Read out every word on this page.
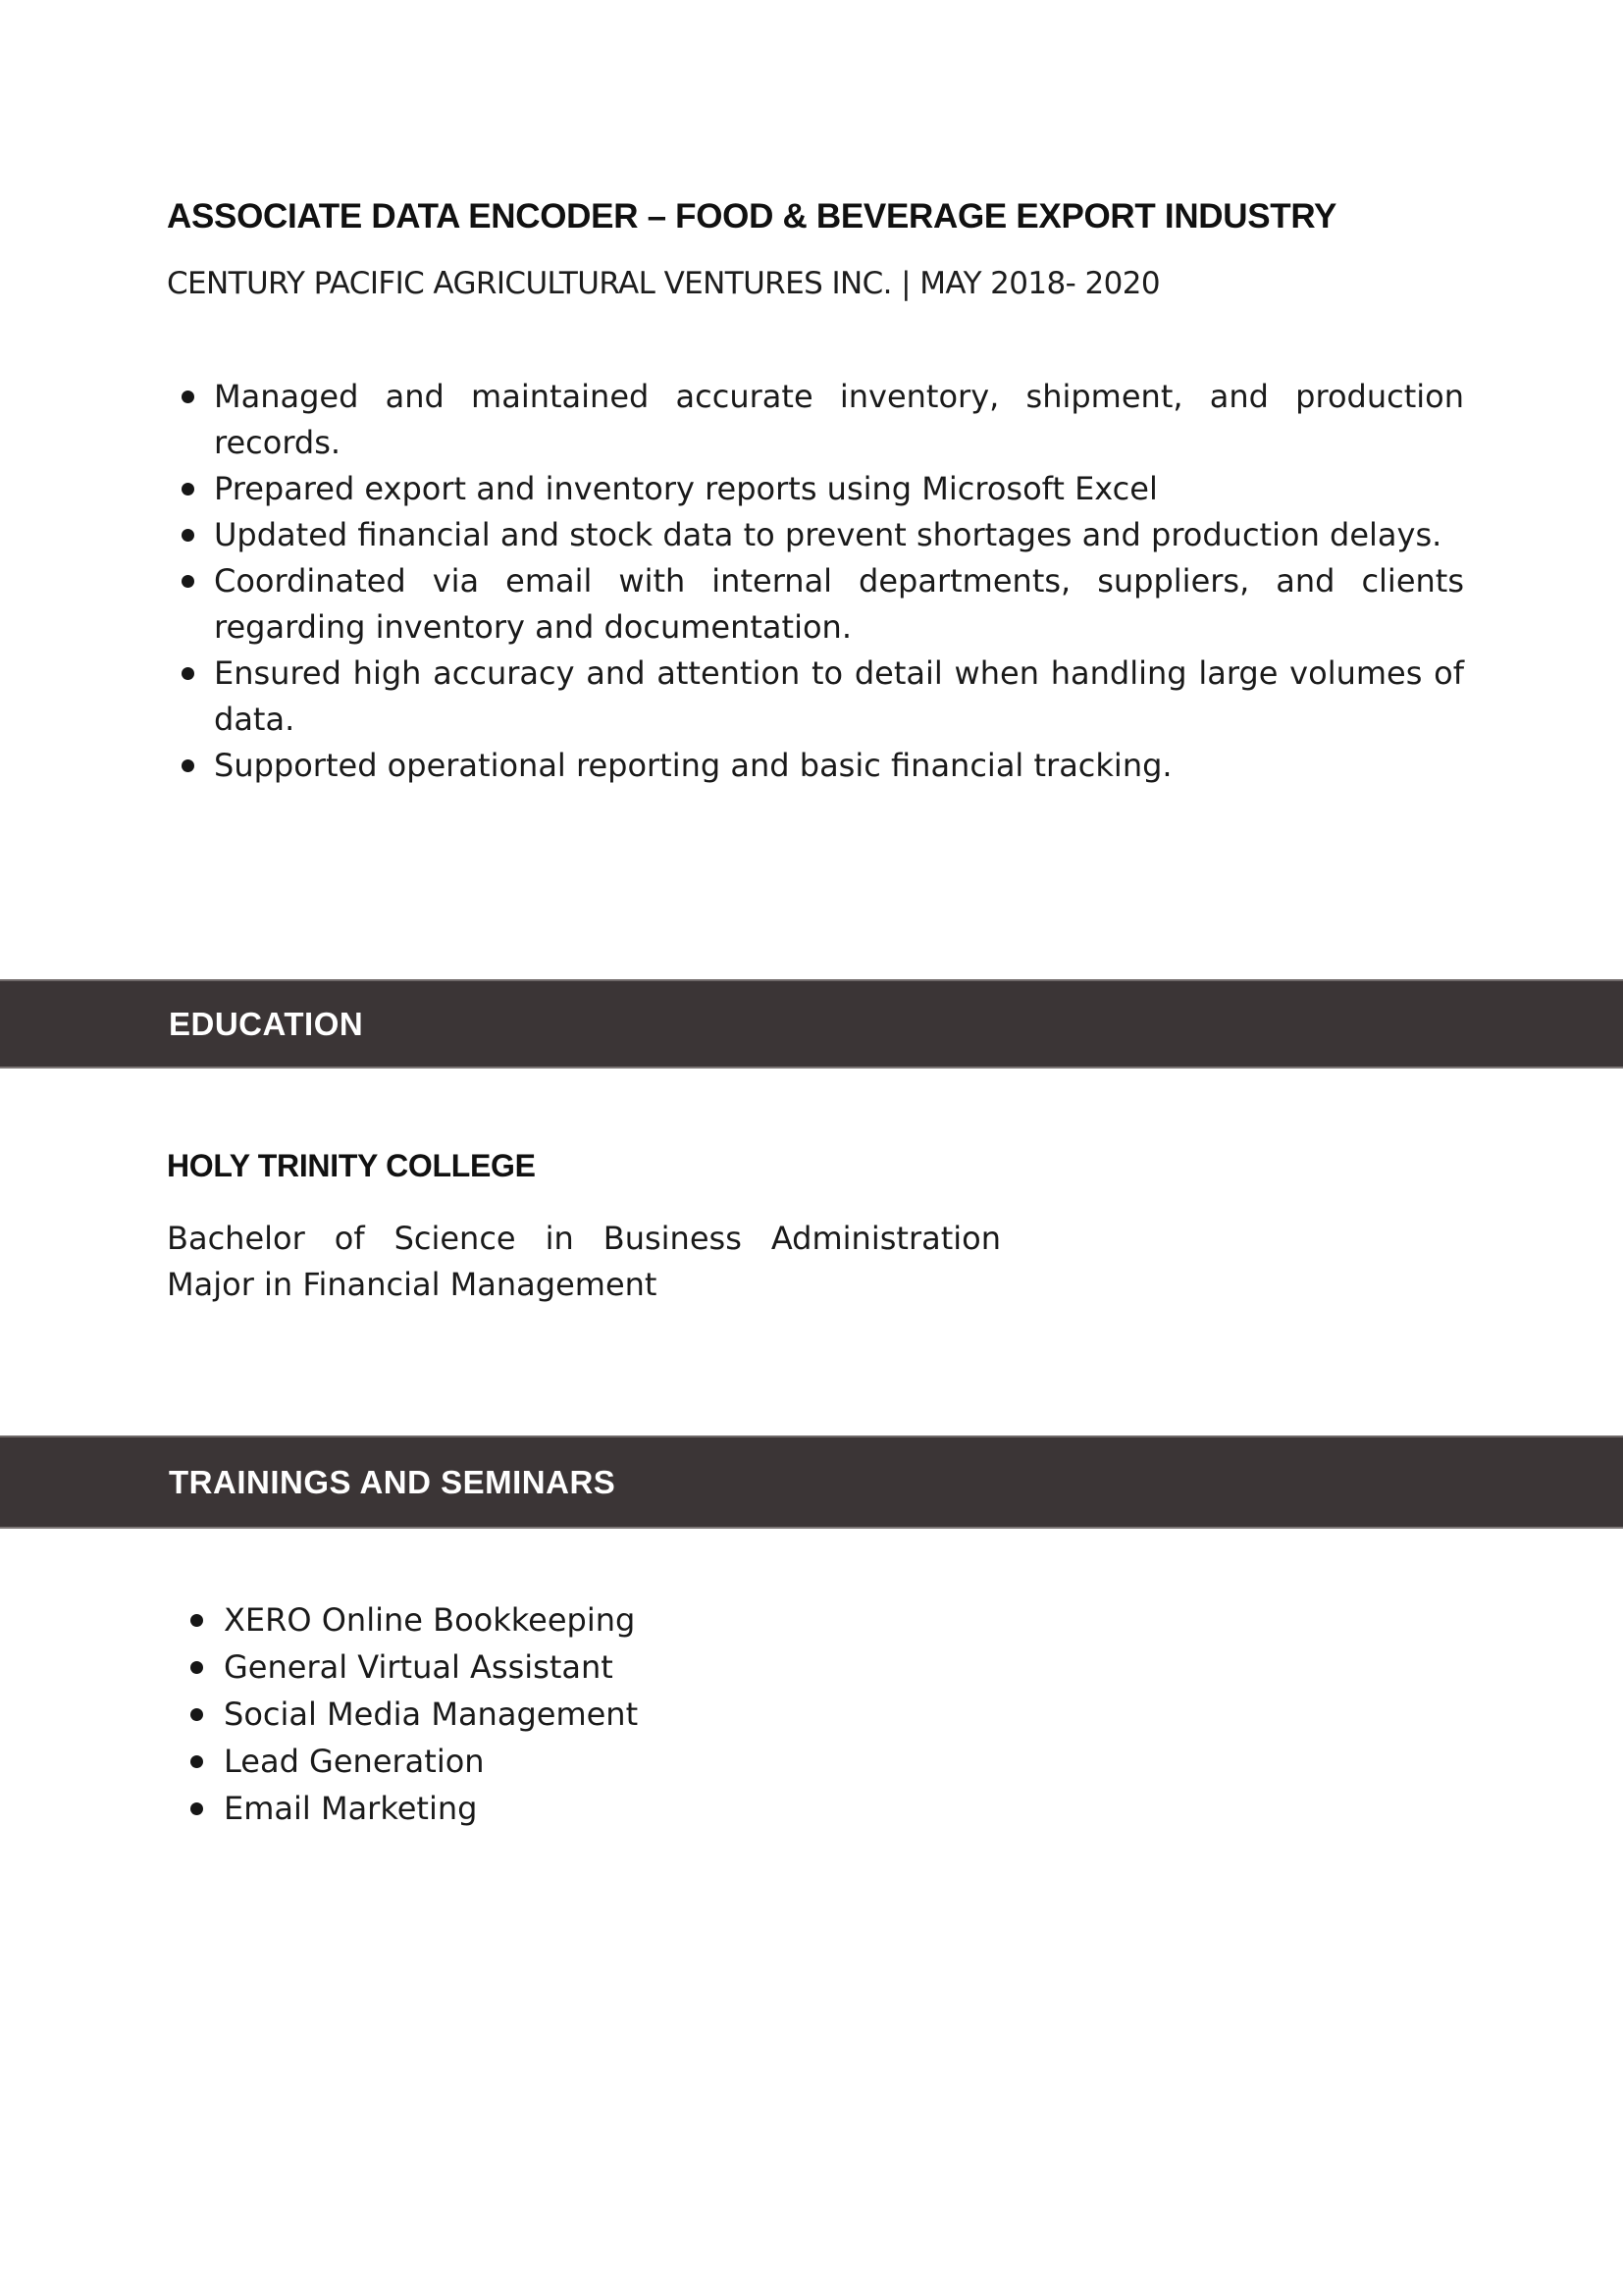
ASSOCIATE DATA ENCODER – FOOD & BEVERAGE EXPORT INDUSTRY
CENTURY PACIFIC AGRICULTURAL VENTURES INC. | MAY 2018- 2020
Managed and maintained accurate inventory, shipment, and production records.
Prepared export and inventory reports using Microsoft Excel
Updated financial and stock data to prevent shortages and production delays.
Coordinated via email with internal departments, suppliers, and clients regarding inventory and documentation.
Ensured high accuracy and attention to detail when handling large volumes of data.
Supported operational reporting and basic financial tracking.
EDUCATION
HOLY TRINITY COLLEGE
Bachelor of Science in Business Administration
Major in Financial Management
TRAININGS AND SEMINARS
XERO Online Bookkeeping
General Virtual Assistant
Social Media Management
Lead Generation
Email Marketing
